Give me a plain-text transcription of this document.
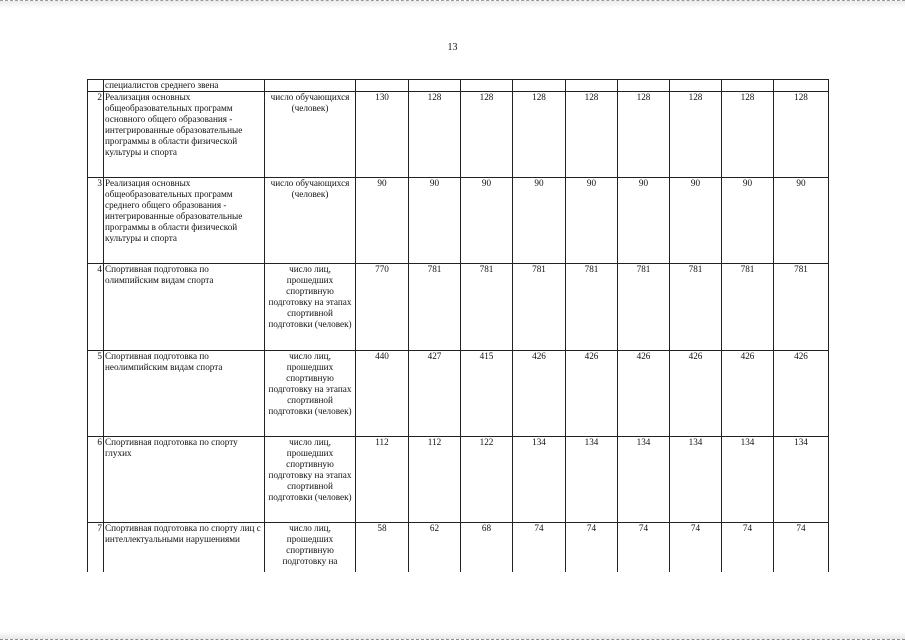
13
	специалистов среднего звена										
2	Реализация основных общеобразовательных программ основного общего образования - интегрированные образовательные программы в области физической культуры и спорта	число обучающихся (человек)	130	128	128	128	128	128	128	128	128
3	Реализация основных общеобразовательных программ среднего общего образования - интегрированные образовательные программы в области физической культуры и спорта	число обучающихся (человек)	90	90	90	90	90	90	90	90	90
4	Спортивная подготовка по олимпийским видам спорта	число лиц, прошедших спортивную подготовку на этапах спортивной подготовки (человек)	770	781	781	781	781	781	781	781	781
5	Спортивная подготовка по неолимпийским видам спорта	число лиц, прошедших спортивную подготовку на этапах спортивной подготовки (человек)	440	427	415	426	426	426	426	426	426
6	Спортивная подготовка по спорту глухих	число лиц, прошедших спортивную подготовку на этапах спортивной подготовки (человек)	112	112	122	134	134	134	134	134	134
7	Спортивная подготовка по спорту лиц с интеллектуальными нарушениями	число лиц, прошедших спортивную подготовку на	58	62	68	74	74	74	74	74	74
